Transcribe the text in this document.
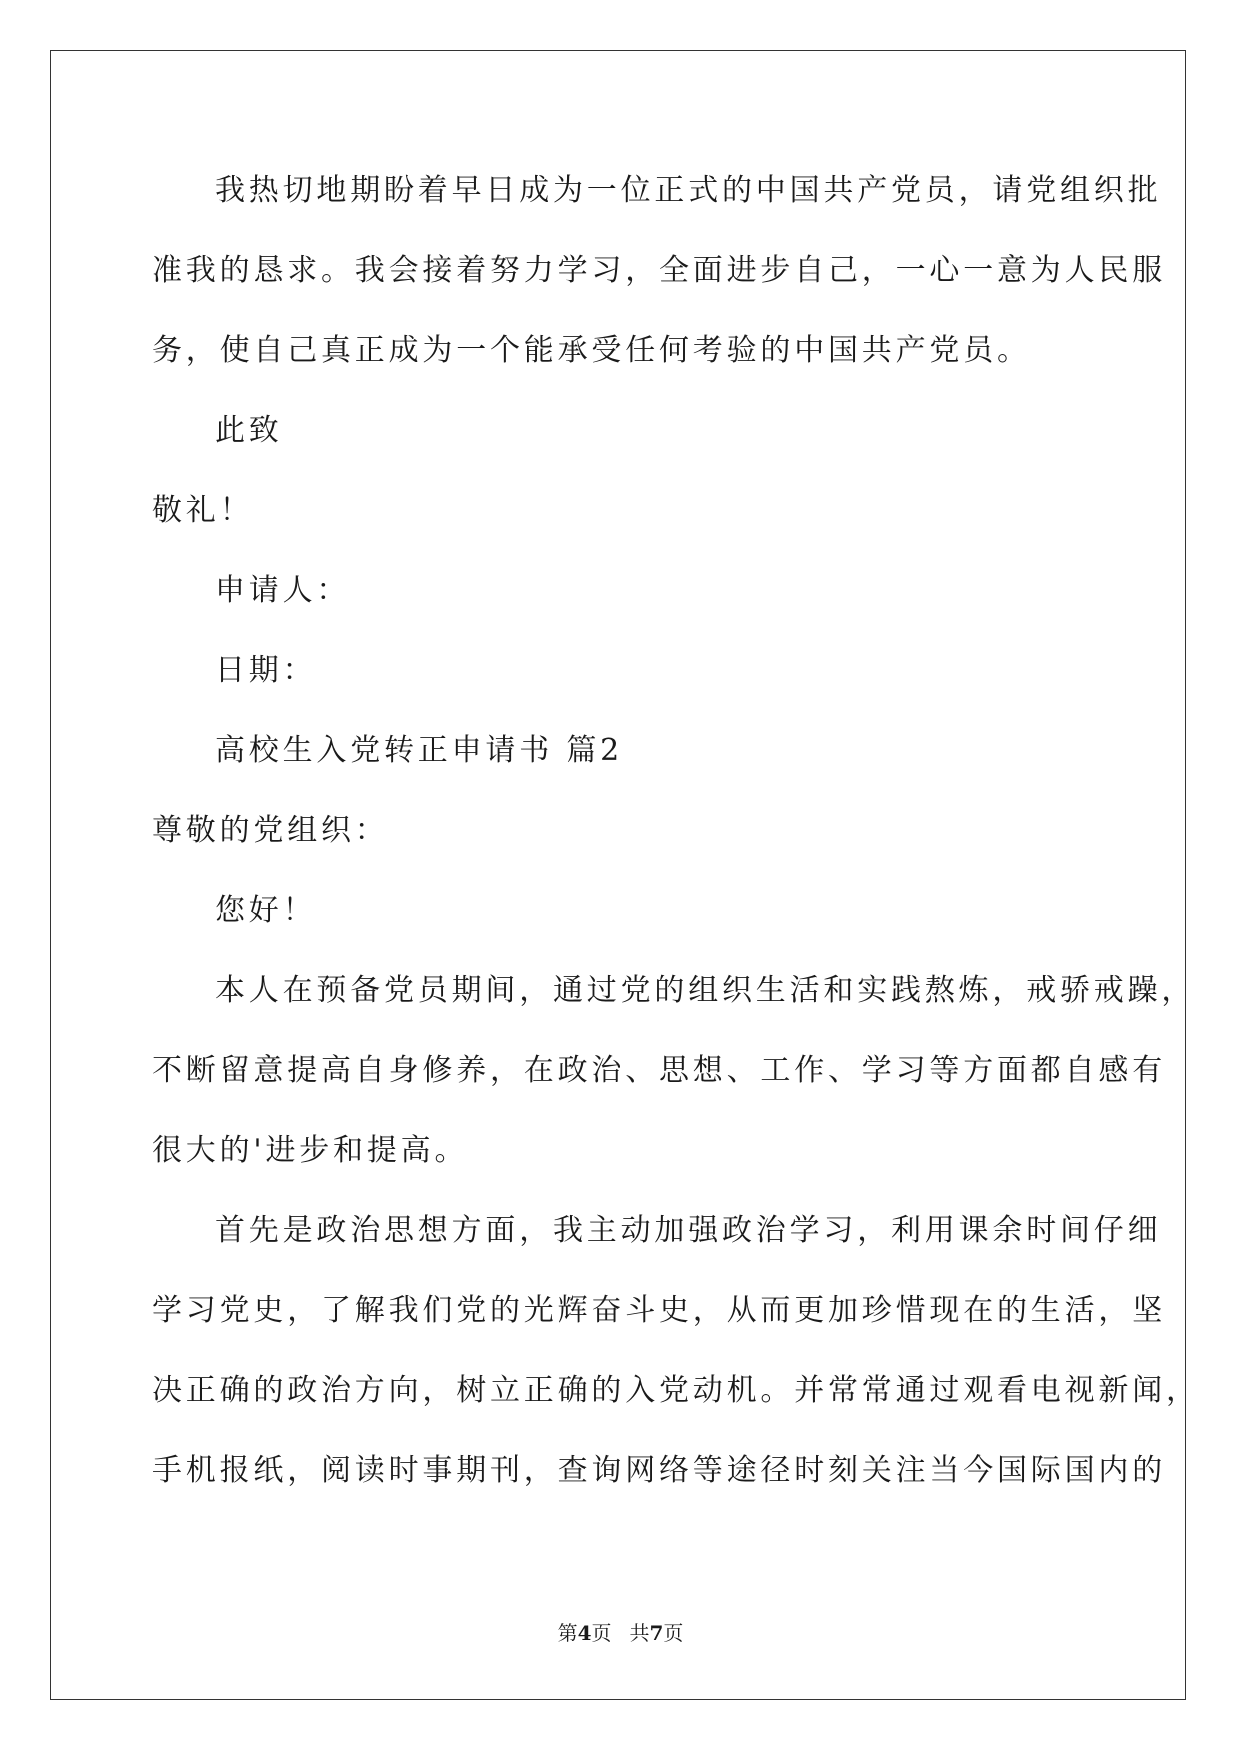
我热切地期盼着早日成为一位正式的中国共产党员，请党组织批
准我的恳求。我会接着努力学习，全面进步自己，一心一意为人民服
务，使自己真正成为一个能承受任何考验的中国共产党员。
此致
敬礼！
申请人：
日期：
高校生入党转正申请书 篇2
尊敬的党组织：
您好！
本人在预备党员期间，通过党的组织生活和实践熬炼，戒骄戒躁，
不断留意提高自身修养，在政治、思想、工作、学习等方面都自感有
很大的'进步和提高。
首先是政治思想方面，我主动加强政治学习，利用课余时间仔细
学习党史，了解我们党的光辉奋斗史，从而更加珍惜现在的生活，坚
决正确的政治方向，树立正确的入党动机。并常常通过观看电视新闻，
手机报纸，阅读时事期刊，查询网络等途径时刻关注当今国际国内的
第4页 共7页
